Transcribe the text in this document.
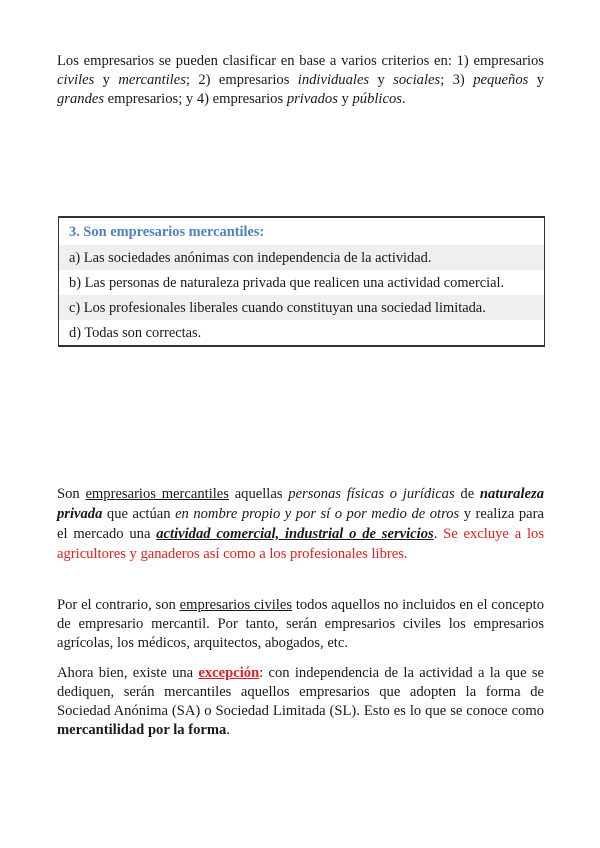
Los empresarios se pueden clasificar en base a varios criterios en: 1) empresarios civiles y mercantiles; 2) empresarios individuales y sociales; 3) pequeños y grandes empresarios; y 4) empresarios privados y públicos.

3. Son empresarios mercantiles:
a) Las sociedades anónimas con independencia de la actividad.
b) Las personas de naturaleza privada que realicen una actividad comercial.
c) Los profesionales liberales cuando constituyan una sociedad limitada.
d) Todas son correctas.

Son empresarios mercantiles aquellas personas físicas o jurídicas de naturaleza privada que actúan en nombre propio y por sí o por medio de otros y realiza para el mercado una actividad comercial, industrial o de servicios. Se excluye a los agricultores y ganaderos así como a los profesionales libres.

Por el contrario, son empresarios civiles todos aquellos no incluidos en el concepto de empresario mercantil. Por tanto, serán empresarios civiles los empresarios agrícolas, los médicos, arquitectos, abogados, etc.

Ahora bien, existe una excepción: con independencia de la actividad a la que se dediquen, serán mercantiles aquellos empresarios que adopten la forma de Sociedad Anónima (SA) o Sociedad Limitada (SL). Esto es lo que se conoce como mercantilidad por la forma.
